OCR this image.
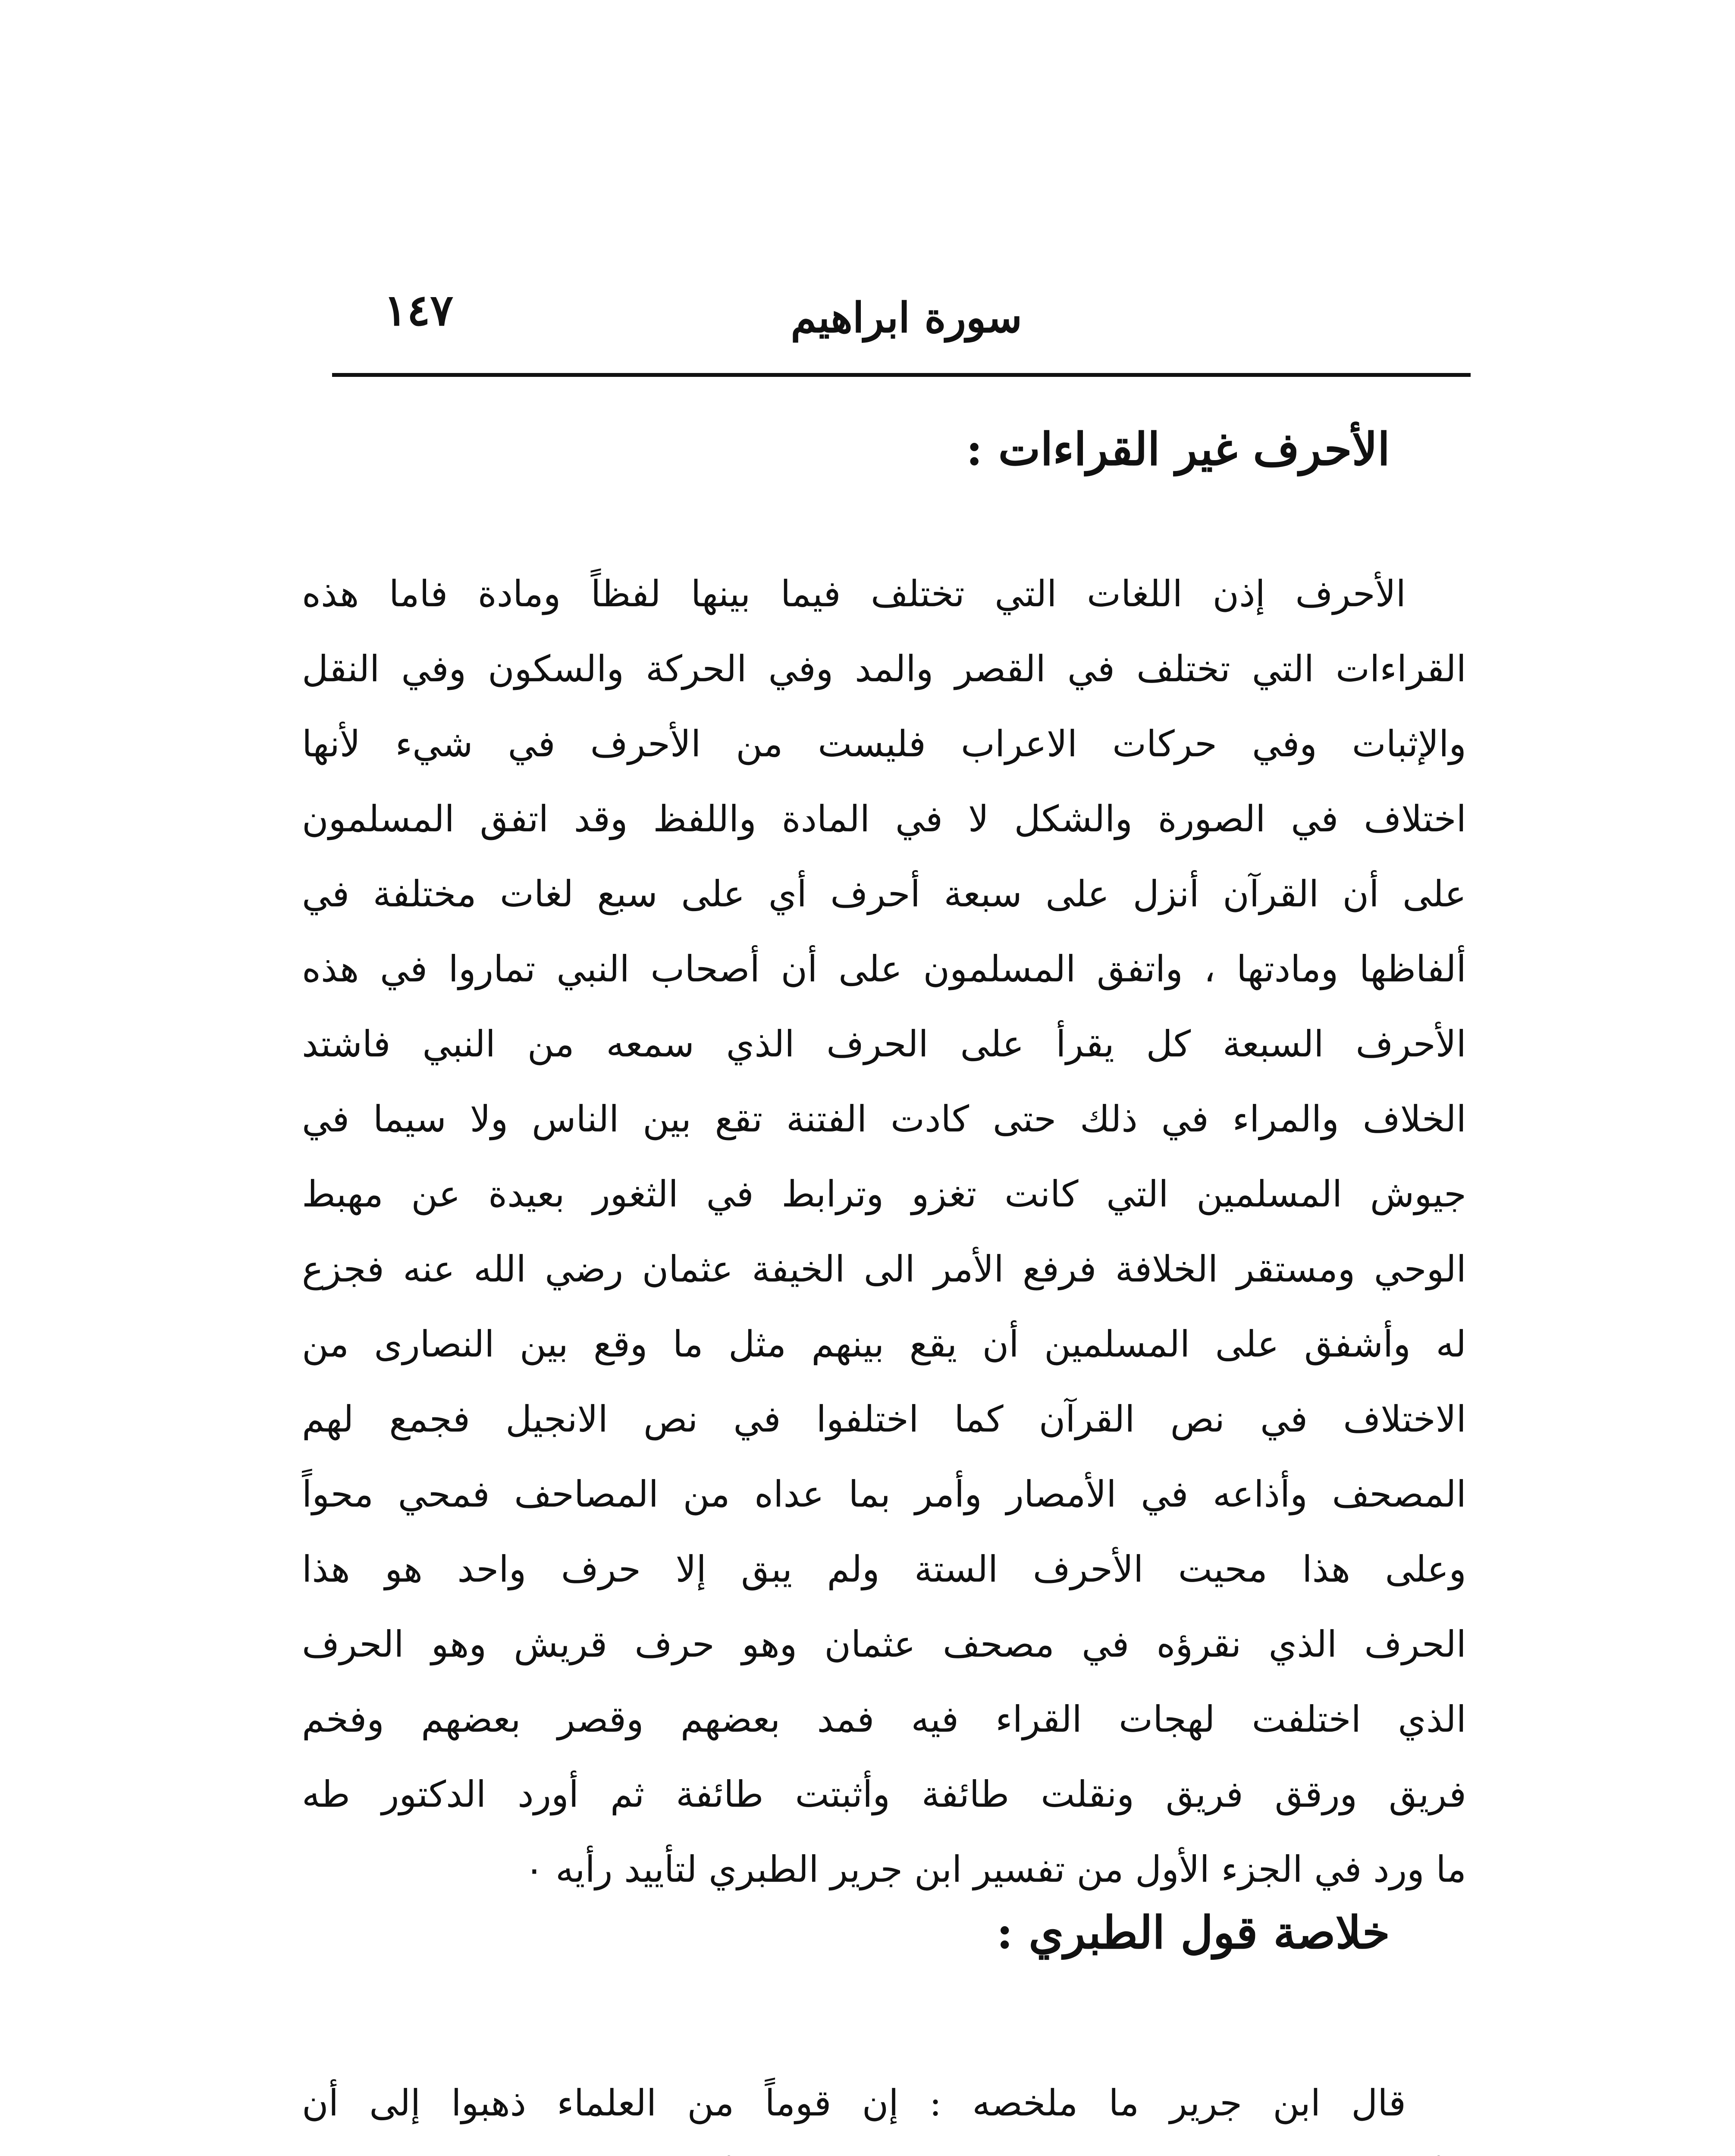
١٤٧	سورة ابراهيم
الأحرف غير القراءات :
الأحرف إذن اللغات التي تختلف فيما بينها لفظاً ومادة فاما هذه
القراءات التي تختلف في القصر والمد وفي الحركة والسكون وفي النقل
والإثبات وفي حركات الاعراب فليست من الأحرف في شيء لأنها
اختلاف في الصورة والشكل لا في المادة واللفظ وقد اتفق المسلمون
على أن القرآن أنزل على سبعة أحرف أي على سبع لغات مختلفة في
ألفاظها ومادتها ، واتفق المسلمون على أن أصحاب النبي تماروا في هذه
الأحرف السبعة كل يقرأ على الحرف الذي سمعه من النبي فاشتد
الخلاف والمراء في ذلك حتى كادت الفتنة تقع بين الناس ولا سيما في
جيوش المسلمين التي كانت تغزو وترابط في الثغور بعيدة عن مهبط
الوحي ومستقر الخلافة فرفع الأمر الى الخيفة عثمان رضي الله عنه فجزع
له وأشفق على المسلمين أن يقع بينهم مثل ما وقع بين النصارى من
الاختلاف في نص القرآن كما اختلفوا في نص الانجيل فجمع لهم
المصحف وأذاعه في الأمصار وأمر بما عداه من المصاحف فمحي محواً
وعلى هذا محيت الأحرف الستة ولم يبق إلا حرف واحد هو هذا
الحرف الذي نقرؤه في مصحف عثمان وهو حرف قريش وهو الحرف
الذي اختلفت لهجات القراء فيه فمد بعضهم وقصر بعضهم وفخم
فريق ورقق فريق ونقلت طائفة وأثبتت طائفة ثم أورد الدكتور طه
ما ورد في الجزء الأول من تفسير ابن جرير الطبري لتأييد رأيه ٠
خلاصة قول الطبري :
قال ابن جرير ما ملخصه : إن قوماً من العلماء ذهبوا إلى أن
